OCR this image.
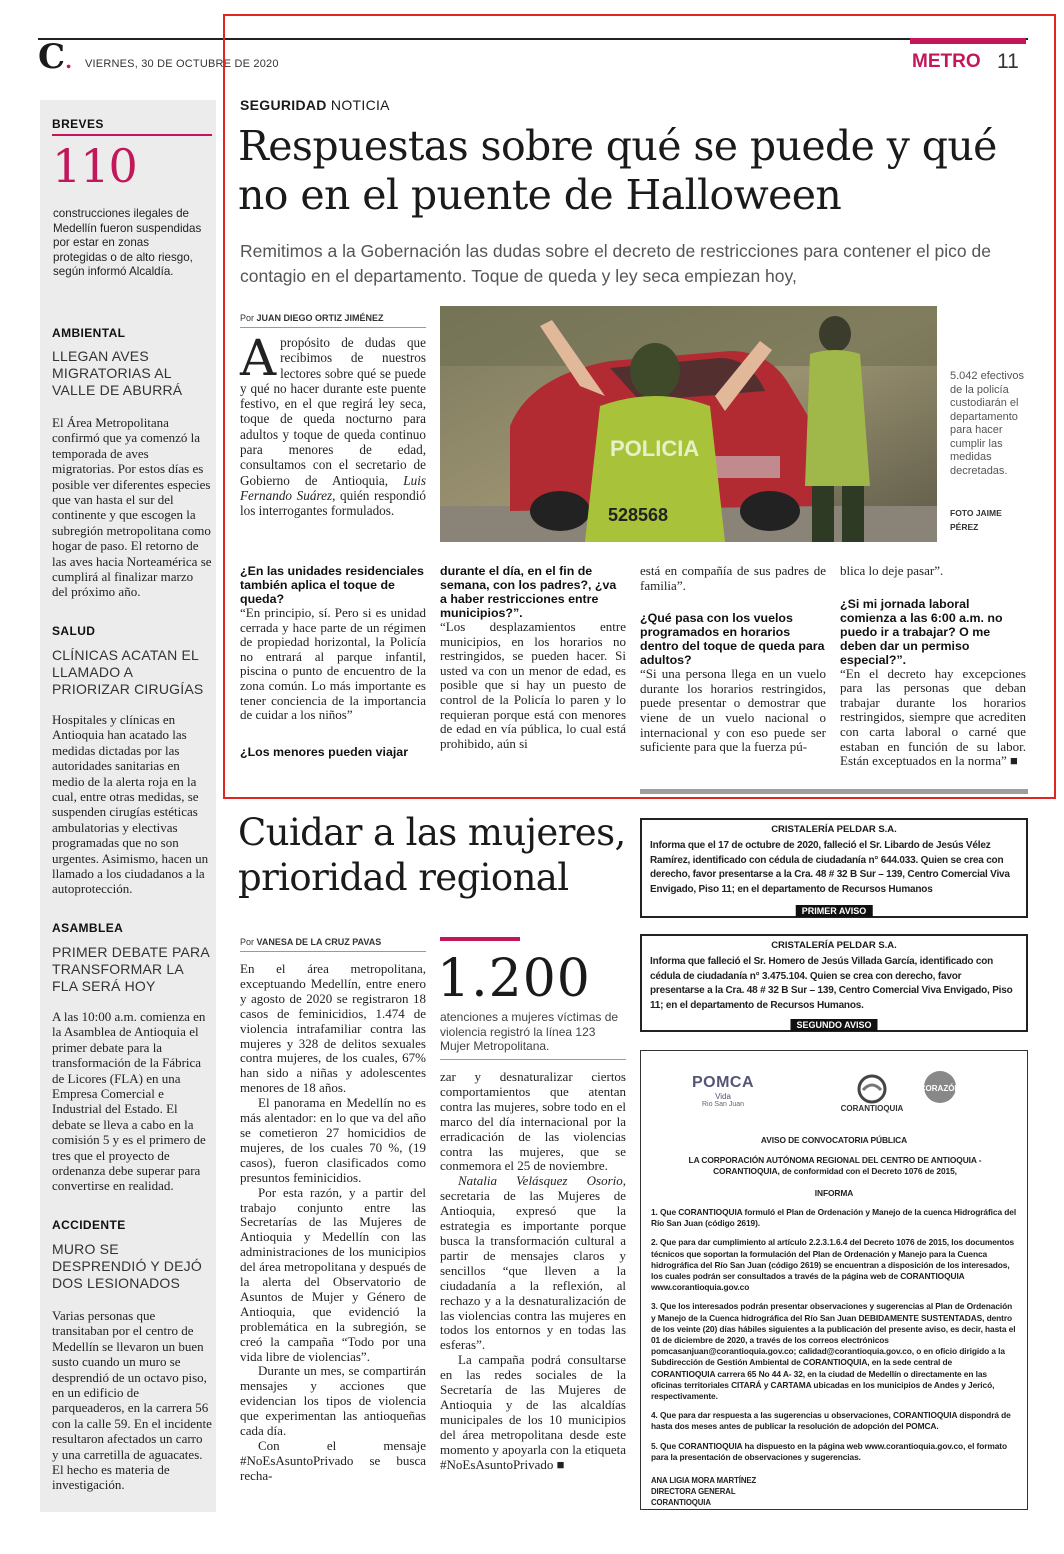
C. VIERNES, 30 DE OCTUBRE DE 2020	METRO 11
BREVES
110
construcciones ilegales de Medellín fueron suspendidas por estar en zonas protegidas o de alto riesgo, según informó Alcaldía.
AMBIENTAL
LLEGAN AVES MIGRATORIAS AL VALLE DE ABURRÁ
El Área Metropolitana confirmó que ya comenzó la temporada de aves migratorias. Por estos días es posible ver diferentes especies que van hasta el sur del continente y que escogen la subregión metropolitana como hogar de paso. El retorno de las aves hacia Norteamérica se cumplirá al finalizar marzo del próximo año.
SALUD
CLÍNICAS ACATAN EL LLAMADO A PRIORIZAR CIRUGÍAS
Hospitales y clínicas en Antioquia han acatado las medidas dictadas por las autoridades sanitarias en medio de la alerta roja en la cual, entre otras medidas, se suspenden cirugías estéticas ambulatorias y electivas programadas que no son urgentes. Asimismo, hacen un llamado a los ciudadanos a la autoprotección.
ASAMBLEA
PRIMER DEBATE PARA TRANSFORMAR LA FLA SERÁ HOY
A las 10:00 a.m. comienza en la Asamblea de Antioquia el primer debate para la transformación de la Fábrica de Licores (FLA) en una Empresa Comercial e Industrial del Estado. El debate se lleva a cabo en la comisión 5 y es el primero de tres que el proyecto de ordenanza debe superar para convertirse en realidad.
ACCIDENTE
MURO SE DESPRENDIÓ Y DEJÓ DOS LESIONADOS
Varias personas que transitaban por el centro de Medellín se llevaron un buen susto cuando un muro se desprendió de un octavo piso, en un edificio de parqueaderos, en la carrera 56 con la calle 59. En el incidente resultaron afectados un carro y una carretilla de aguacates. El hecho es materia de investigación.
SEGURIDAD NOTICIA
Respuestas sobre qué se puede y qué no en el puente de Halloween
Remitimos a la Gobernación las dudas sobre el decreto de restricciones para contener el pico de contagio en el departamento. Toque de queda y ley seca empiezan hoy,
Por JUAN DIEGO ORTIZ JIMÉNEZ
Apropósito de dudas que recibimos de nuestros lectores sobre qué se puede y qué no hacer durante este puente festivo, en el que regirá ley seca, toque de queda nocturno para adultos y toque de queda continuo para menores de edad, consultamos con el secretario de Gobierno de Antioquia, Luis Fernando Suárez, quién respondió los interrogantes formulados.
POLICIA
528568
5.042 efectivos de la policía custodiarán el departamento para hacer cumplir las medidas decretadas.
FOTO JAIME PÉREZ
¿En las unidades residenciales también aplica el toque de queda?
“En principio, sí. Pero si es unidad cerrada y hace parte de un régimen de propiedad horizontal, la Policía no entrará al parque infantil, piscina o punto de encuentro de la zona común. Lo más importante es tener conciencia de la importancia de cuidar a los niños”
¿Los menores pueden viajar
durante el día, en el fin de semana, con los padres?, ¿va a haber restricciones entre municipios?”.
“Los desplazamientos entre municipios, en los horarios no restringidos, se pueden hacer. Si usted va con un menor de edad, es posible que si hay un puesto de control de la Policía lo paren y lo requieran porque está con menores de edad en vía pública, lo cual está prohibido, aún si
está en compañía de sus padres de familia”.
¿Qué pasa con los vuelos programados en horarios dentro del toque de queda para adultos?
“Si una persona llega en un vuelo durante los horarios restringidos, puede presentar o demostrar que viene de un vuelo nacional o internacional y con eso puede ser suficiente para que la fuerza pú-
blica lo deje pasar”.
¿Si mi jornada laboral comienza a las 6:00 a.m. no puedo ir a trabajar? O me deben dar un permiso especial?”.
“En el decreto hay excepciones para las personas que deban trabajar durante los horarios restringidos, siempre que acrediten con carta laboral o carné que estaban en función de su labor. Están exceptuados en la norma” ■
Cuidar a las mujeres, prioridad regional
Por VANESA DE LA CRUZ PAVAS
1.200
atenciones a mujeres víctimas de violencia registró la línea 123 Mujer Metropolitana.
En el área metropolitana, exceptuando Medellín, entre enero y agosto de 2020 se registraron 18 casos de feminicidios, 1.474 de violencia intrafamiliar contra las mujeres y 328 de delitos sexuales contra mujeres, de los cuales, 67% han sido a niñas y adolescentes menores de 18 años.
El panorama en Medellín no es más alentador: en lo que va del año se cometieron 27 homicidios de mujeres, de los cuales 70 %, (19 casos), fueron clasificados como presuntos feminicidios.
Por esta razón, y a partir del trabajo conjunto entre las Secretarías de las Mujeres de Antioquia y Medellín con las administraciones de los municipios del área metropolitana y después de la alerta del Observatorio de Asuntos de Mujer y Género de Antioquia, que evidenció la problemática en la subregión, se creó la campaña “Todo por una vida libre de violencias”.
Durante un mes, se compartirán mensajes y acciones que evidencian los tipos de violencia que experimentan las antioqueñas cada día.
Con el mensaje #NoEsAsuntoPrivado se busca recha-
zar y desnaturalizar ciertos comportamientos que atentan contra las mujeres, sobre todo en el marco del día internacional por la erradicación de las violencias contra las mujeres, que se conmemora el 25 de noviembre.
Natalia Velásquez Osorio, secretaria de las Mujeres de Antioquia, expresó que la estrategia es importante porque busca la transformación cultural a partir de mensajes claros y sencillos “que lleven a la ciudadanía a la reflexión, al rechazo y a la desnaturalización de las violencias contra las mujeres en todos los entornos y en todas las esferas”.
La campaña podrá consultarse en las redes sociales de la Secretaría de las Mujeres de Antioquia y de las alcaldías municipales de los 10 municipios del área metropolitana desde este momento y apoyarla con la etiqueta #NoEsAsuntoPrivado ■
CRISTALERÍA PELDAR S.A.
Informa que el 17 de octubre de 2020, falleció el Sr. Libardo de Jesús Vélez Ramírez, identificado con cédula de ciudadanía n° 644.033. Quien se crea con derecho, favor presentarse a la Cra. 48 # 32 B Sur – 139, Centro Comercial Viva Envigado, Piso 11; en el departamento de Recursos Humanos
PRIMER AVISO
CRISTALERÍA PELDAR S.A.
Informa que falleció el Sr. Homero de Jesús Villada García, identificado con cédula de ciudadanía n° 3.475.104. Quien se crea con derecho, favor presentarse a la Cra. 48 # 32 B Sur – 139, Centro Comercial Viva Envigado, Piso 11; en el departamento de Recursos Humanos.
SEGUNDO AVISO
POMCA
Vida
Rio San Juan	CORANTIOQUIA
CORAZÓN
AVISO DE CONVOCATORIA PÚBLICA
LA CORPORACIÓN AUTÓNOMA REGIONAL DEL CENTRO DE ANTIOQUIA - CORANTIOQUIA, de conformidad con el Decreto 1076 de 2015,
INFORMA
1. Que CORANTIOQUIA formuló el Plan de Ordenación y Manejo de la cuenca Hidrográfica del Río San Juan (código 2619).
2. Que para dar cumplimiento al artículo 2.2.3.1.6.4 del Decreto 1076 de 2015, los documentos técnicos que soportan la formulación del Plan de Ordenación y Manejo para la Cuenca hidrográfica del Río San Juan (código 2619) se encuentran a disposición de los interesados, los cuales podrán ser consultados a través de la página web de CORANTIOQUIA www.corantioquia.gov.co
3. Que los interesados podrán presentar observaciones y sugerencias al Plan de Ordenación y Manejo de la Cuenca hidrográfica del Río San Juan DEBIDAMENTE SUSTENTADAS, dentro de los veinte (20) días hábiles siguientes a la publicación del presente aviso, es decir, hasta el 01 de diciembre de 2020, a través de los correos electrónicos pomcasanjuan@corantioquia.gov.co; calidad@corantioquia.gov.co, o en oficio dirigido a la Subdirección de Gestión Ambiental de CORANTIOQUIA, en la sede central de CORANTIOQUIA carrera 65 No 44 A- 32, en la ciudad de Medellín o directamente en las oficinas territoriales CITARÁ y CARTAMA ubicadas en los municipios de Andes y Jericó, respectivamente.
4. Que para dar respuesta a las sugerencias u observaciones, CORANTIOQUIA dispondrá de hasta dos meses antes de publicar la resolución de adopción del POMCA.
5. Que CORANTIOQUIA ha dispuesto en la página web www.corantioquia.gov.co, el formato para la presentación de observaciones y sugerencias.
ANA LIGIA MORA MARTÍNEZ
DIRECTORA GENERAL
CORANTIOQUIA
